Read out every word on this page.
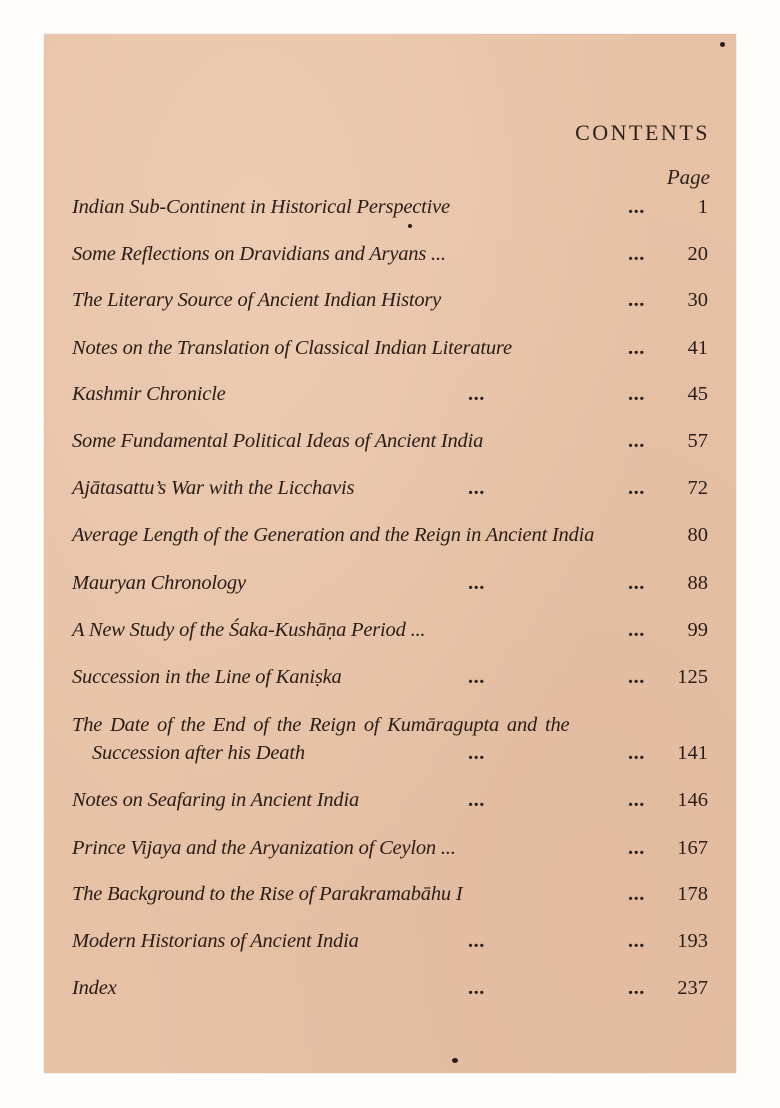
CONTENTS
Page
Indian Sub-Continent in Historical Perspective	...	1
Some Reflections on Dravidians and Aryans ...	... 20
The Literary Source of Ancient Indian History	... 30
Notes on the Translation of Classical Indian Literature	... 41
Kashmir Chronicle	...	... 45
Some Fundamental Political Ideas of Ancient India	... 57
Ajātasattu’s War with the Licchavis	...	... 72
Average Length of the Generation and the Reign in Ancient India	80
Mauryan Chronology	...	... 88
A New Study of the Śaka-Kushāṇa Period ...	... 99
Succession in the Line of Kaniṣka	...	... 125
The Date of the End of the Reign of Kumāragupta and the
Succession after his Death	...	... 141
Notes on Seafaring in Ancient India	...	... 146
Prince Vijaya and the Aryanization of Ceylon ...	... 167
The Background to the Rise of Parakramabāhu I	... 178
Modern Historians of Ancient India	...	... 193
Index	...	... 237
